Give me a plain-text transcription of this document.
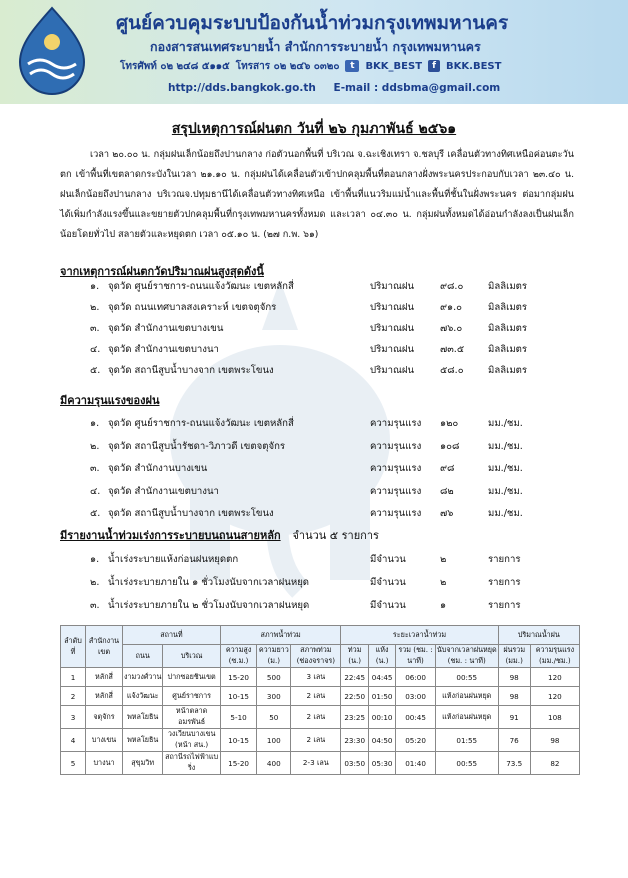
ศูนย์ควบคุมระบบป้องกันน้ำท่วมกรุงเทพมหานคร
กองสารสนเทศระบายน้ำ สำนักการระบายน้ำ กรุงเทพมหานคร
โทรศัพท์ ๐๒ ๒๔๘ ๕๑๑๕ โทรสาร ๐๒ ๒๔๖ ๐๓๒๐	t	BKK_BEST	f	BKK.BEST
http://dds.bangkok.go.th E-mail : ddsbma@gmail.com
สรุปเหตุการณ์ฝนตก วันที่ ๒๖ กุมภาพันธ์ ๒๕๖๑
เวลา ๒๐.๐๐ น. กลุ่มฝนเล็กน้อยถึงปานกลาง ก่อตัวนอกพื้นที่ บริเวณ จ.ฉะเชิงเทรา จ.ชลบุรี เคลื่อนตัวทางทิศเหนือค่อนตะวันตก เข้าพื้นที่เขตลาดกระบังในเวลา ๒๑.๑๐ น. กลุ่มฝนได้เคลื่อนตัวเข้าปกคลุมพื้นที่ตอนกลางฝั่งพระนครประกอบกับเวลา ๒๓.๔๐ น. ฝนเล็กน้อยถึงปานกลาง บริเวณจ.ปทุมธานีได้เคลื่อนตัวทางทิศเหนือ เข้าพื้นที่แนวริมแม่น้ำและพื้นที่ชั้นในฝั่งพระนคร ต่อมากลุ่มฝนได้เพิ่มกำลังแรงขึ้นและขยายตัวปกคลุมพื้นที่กรุงเทพมหานครทั้งหมด และเวลา ๐๔.๓๐ น. กลุ่มฝนทั้งหมดได้อ่อนกำลังลงเป็นฝนเล็กน้อยโดยทั่วไป สลายตัวและหยุดตก เวลา ๐๕.๑๐ น. (๒๗ ก.พ. ๖๑)
จากเหตุการณ์ฝนตกวัดปริมาณฝนสูงสุดดังนี้
๑. จุดวัด ศูนย์ราชการ-ถนนแจ้งวัฒนะ เขตหลักสี่	ปริมาณฝน	๙๘.๐	มิลลิเมตร
๒. จุดวัด ถนนเทศบาลสงเคราะห์ เขตจตุจักร	ปริมาณฝน	๙๑.๐	มิลลิเมตร
๓. จุดวัด สำนักงานเขตบางเขน	ปริมาณฝน	๗๖.๐	มิลลิเมตร
๔. จุดวัด สำนักงานเขตบางนา	ปริมาณฝน	๗๓.๕ มิลลิเมตร
๕. จุดวัด สถานีสูบน้ำบางจาก เขตพระโขนง	ปริมาณฝน	๕๘.๐	มิลลิเมตร
มีความรุนแรงของฝน
๑. จุดวัด ศูนย์ราชการ-ถนนแจ้งวัฒนะ เขตหลักสี่	ความรุนแรง ๑๒๐	มม./ชม.
๒. จุดวัด สถานีสูบน้ำรัชดา-วิภาวดี เขตจตุจักร	ความรุนแรง ๑๐๘	มม./ชม.
๓. จุดวัด สำนักงานบางเขน	ความรุนแรง ๙๘	มม./ชม.
๔. จุดวัด สำนักงานเขตบางนา	ความรุนแรง ๘๒	มม./ชม.
๕. จุดวัด สถานีสูบน้ำบางจาก เขตพระโขนง	ความรุนแรง ๗๖	มม./ชม.
มีรายงานน้ำท่วมเร่งการระบายบนถนนสายหลัก จำนวน ๕ รายการ
๑. น้ำเร่งระบายแห้งก่อนฝนหยุดตก	มีจำนวน	๒	รายการ
๒. น้ำเร่งระบายภายใน ๑ ชั่วโมงนับจากเวลาฝนหยุด	มีจำนวน	๒	รายการ
๓. น้ำเร่งระบายภายใน ๒ ชั่วโมงนับจากเวลาฝนหยุด	มีจำนวน	๑	รายการ
ลำดับที่	สำนักงานเขต	สถานที่		สภาพน้ำท่วม			ระยะเวลาน้ำท่วม				ปริมาณน้ำฝน	
		ถนน	บริเวณ	ความสูง (ซ.ม.)	ความยาว (ม.)	สภาพท่วม (ช่องจราจร)	ท่วม (น.)	แห้ง (น.)	รวม (ชม. : นาที)	นับจากเวลาฝนหยุด (ชม. : นาที)	ฝนรวม (มม.)	ความรุนแรง (มม./ชม.)
1	หลักสี่	งามวงศ์วาน	ปากซอยชินเขต	15-20	500	3 เลน	22:45	04:45	06:00	00:55	98	120
2	หลักสี่	แจ้งวัฒนะ	ศูนย์ราชการ	10-15	300	2 เลน	22:50	01:50	03:00	แห้งก่อนฝนหยุด	98	120
3	จตุจักร	พหลโยธิน	หน้าตลาดอมรพันธ์	5-10	50	2 เลน	23:25	00:10	00:45	แห้งก่อนฝนหยุด	91	108
4	บางเขน	พหลโยธิน	วงเวียนบางเขน (หน้า สน.)	10-15	100	2 เลน	23:30	04:50	05:20	01:55	76	98
5	บางนา	สุขุมวิท	สถานีรถไฟฟ้าแบริ่ง	15-20	400	2-3 เลน	03:50	05:30	01:40	00:55	73.5	82
